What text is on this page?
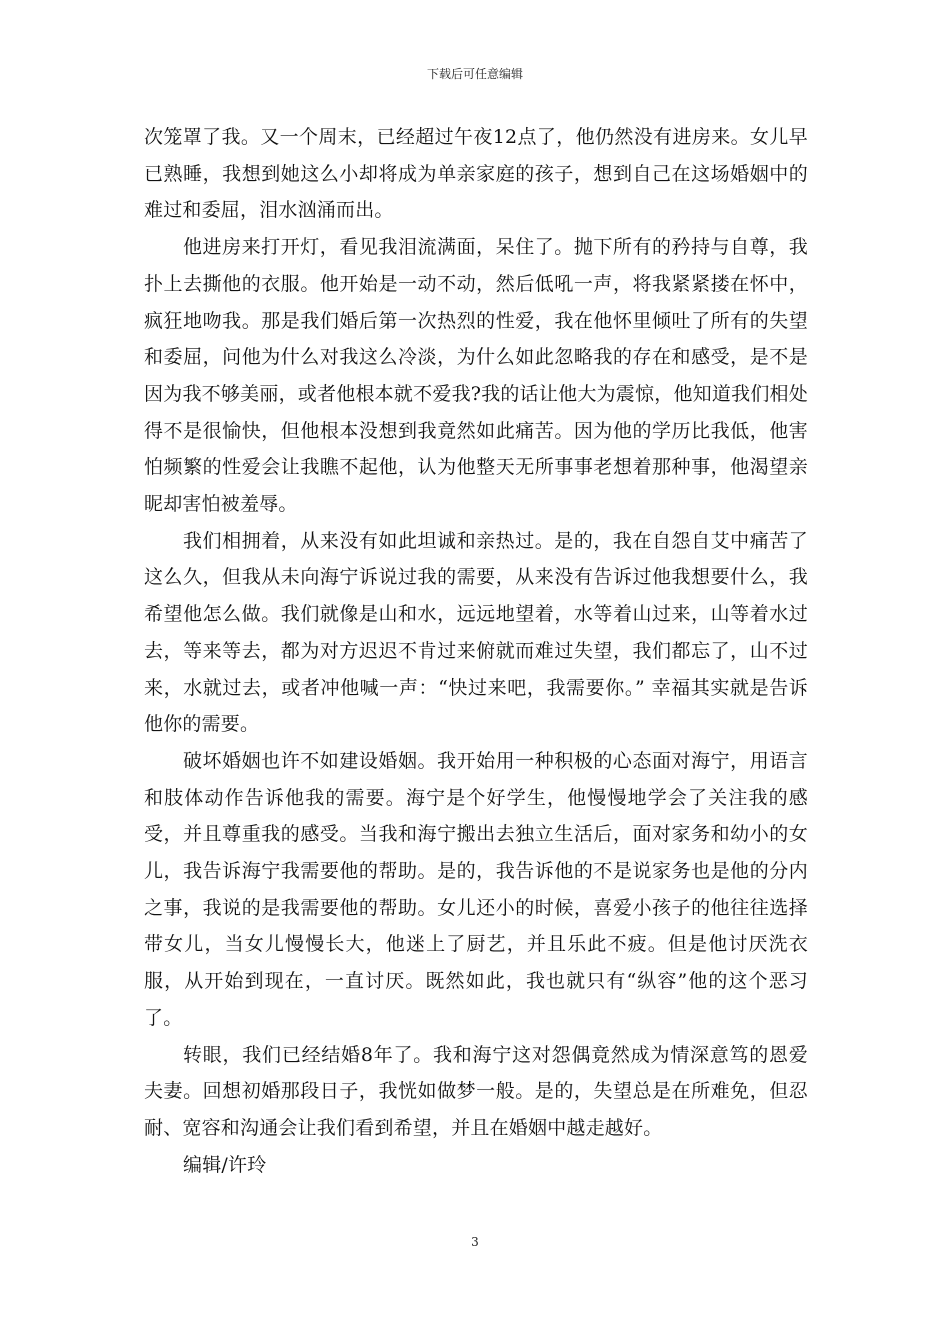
下载后可任意编辑

次笼罩了我。又一个周末，已经超过午夜12点了，他仍然没有进房来。女儿早已熟睡，我想到她这么小却将成为单亲家庭的孩子，想到自己在这场婚姻中的难过和委屈，泪水汹涌而出。

他进房来打开灯，看见我泪流满面，呆住了。抛下所有的矜持与自尊，我扑上去撕他的衣服。他开始是一动不动，然后低吼一声，将我紧紧搂在怀中，疯狂地吻我。那是我们婚后第一次热烈的性爱，我在他怀里倾吐了所有的失望和委屈，问他为什么对我这么冷淡，为什么如此忽略我的存在和感受，是不是因为我不够美丽，或者他根本就不爱我?我的话让他大为震惊，他知道我们相处得不是很愉快，但他根本没想到我竟然如此痛苦。因为他的学历比我低，他害怕频繁的性爱会让我瞧不起他，认为他整天无所事事老想着那种事，他渴望亲昵却害怕被羞辱。

我们相拥着，从来没有如此坦诚和亲热过。是的，我在自怨自艾中痛苦了这么久，但我从未向海宁诉说过我的需要，从来没有告诉过他我想要什么，我希望他怎么做。我们就像是山和水，远远地望着，水等着山过来，山等着水过去，等来等去，都为对方迟迟不肯过来俯就而难过失望，我们都忘了，山不过来，水就过去，或者冲他喊一声：“快过来吧，我需要你。” 幸福其实就是告诉他你的需要。

破坏婚姻也许不如建设婚姻。我开始用一种积极的心态面对海宁，用语言和肢体动作告诉他我的需要。海宁是个好学生，他慢慢地学会了关注我的感受，并且尊重我的感受。当我和海宁搬出去独立生活后，面对家务和幼小的女儿，我告诉海宁我需要他的帮助。是的，我告诉他的不是说家务也是他的分内之事，我说的是我需要他的帮助。女儿还小的时候，喜爱小孩子的他往往选择带女儿，当女儿慢慢长大，他迷上了厨艺，并且乐此不疲。但是他讨厌洗衣服，从开始到现在，一直讨厌。既然如此，我也就只有“纵容”他的这个恶习了。

转眼，我们已经结婚8年了。我和海宁这对怨偶竟然成为情深意笃的恩爱夫妻。回想初婚那段日子，我恍如做梦一般。是的，失望总是在所难免，但忍耐、宽容和沟通会让我们看到希望，并且在婚姻中越走越好。

编辑/许玲

3
